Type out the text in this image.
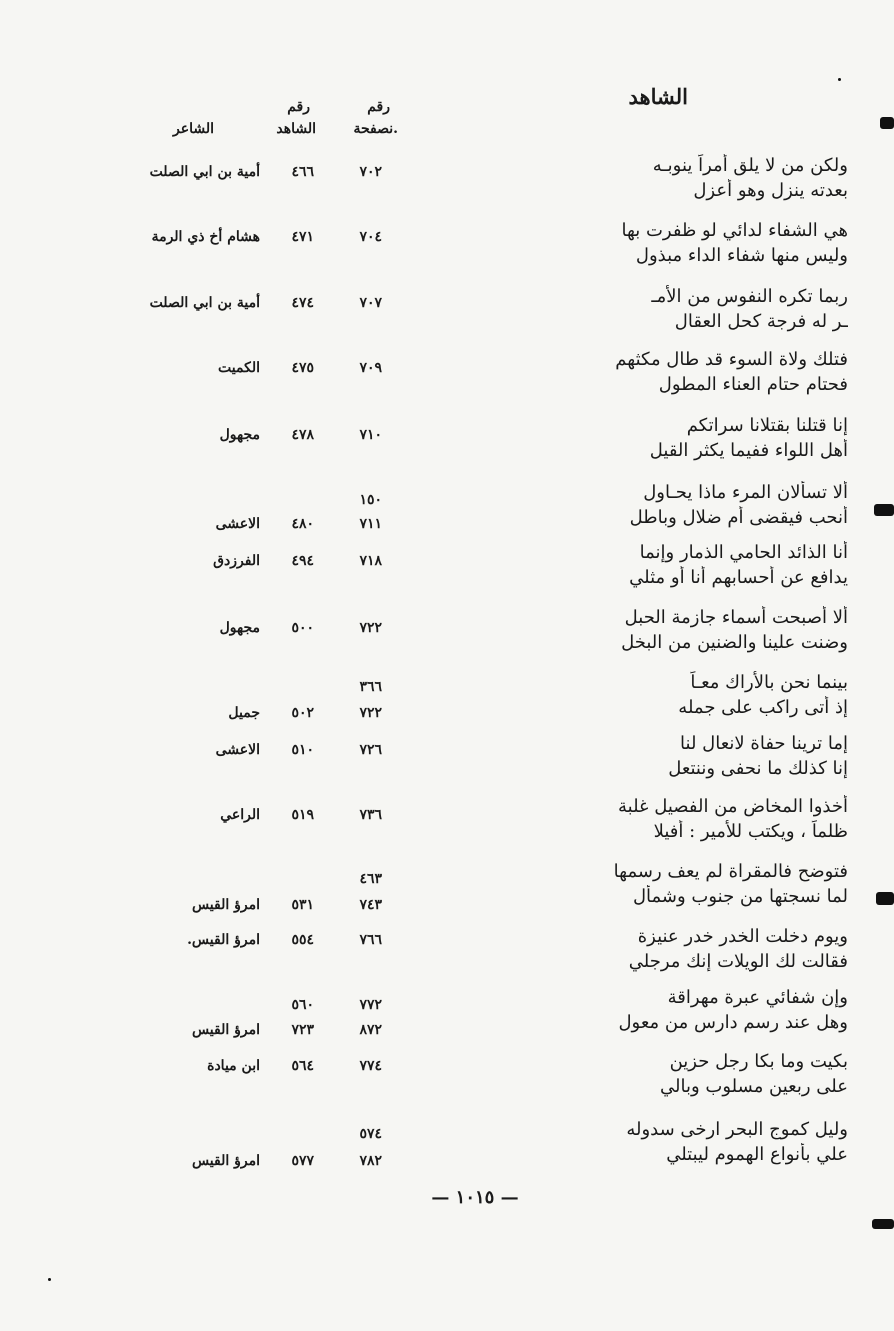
الشاهد
رقم
.نصفحة
رقم
الشاهد
الشاعر
ولكن من لا يلق أمراً ينوبـه
بعدته ينزل وهو أعزل
٧٠٢
٤٦٦
أمية بن ابي الصلت
هي الشفاء لدائي لو ظفرت بها
وليس منها شفاء الداء مبذول
٧٠٤
٤٧١
هشام أخ ذي الرمة
ربما تكره النفوس من الأمـ
ـر له فرجة كحل العقال
٧٠٧
٤٧٤
أمية بن ابي الصلت
فتلك ولاة السوء قد طال مكثهم
فحتام حتام العناء المطول
٧٠٩
٤٧٥
الكميت
إنا قتلنا بقتلانا سراتكم
أهل اللواء ففيما يكثر القيل
٧١٠
٤٧٨
مجهول
ألا تسألان المرء ماذا يحـاول
أنحب فيقضى أم ضلال وباطل
١٥٠
٧١١
٤٨٠
الاعشى
أنا الذائد الحامي الذمار وإنما
يدافع عن أحسابهم أنا أو مثلي
٧١٨
٤٩٤
الفرزدق
ألا أصبحت أسماء جازمة الحبل
وضنت علينا والضنين من البخل
٧٢٢
٥٠٠
مجهول
بينما نحن بالأراك معـاً
إذ أتى راكب على جمله
٣٦٦
٧٢٢
٥٠٢
جميل
إما ترينا حفاة لانعال لنا
إنا كذلك ما نحفى وننتعل
٧٢٦
٥١٠
الاعشى
أخذوا المخاض من الفصيل غلبة
ظلماً ، ويكتب للأمير : أفيلا
٧٣٦
٥١٩
الراعي
فتوضح فالمقراة لم يعف رسمها
لما نسجتها من جنوب وشمأل
٤٦٣
٧٤٣
٥٣١
امرؤ القيس
ويوم دخلت الخدر خدر عنيزة
فقالت لك الويلات إنك مرجلي
٧٦٦
٥٥٤
امرؤ القيس.
وإن شفائي عبرة مهراقة
وهل عند رسم دارس من معول
٧٧٢
٥٦٠
٨٧٢
٧٢٣
امرؤ القيس
بكيت وما بكا رجل حزين
على ربعين مسلوب وبالي
٧٧٤
٥٦٤
ابن ميادة
وليل كموج البحر ارخى سدوله
علي بأنواع الهموم ليبتلي
٥٧٤
٧٨٢
٥٧٧
امرؤ القيس
— ١٠١٥ —
